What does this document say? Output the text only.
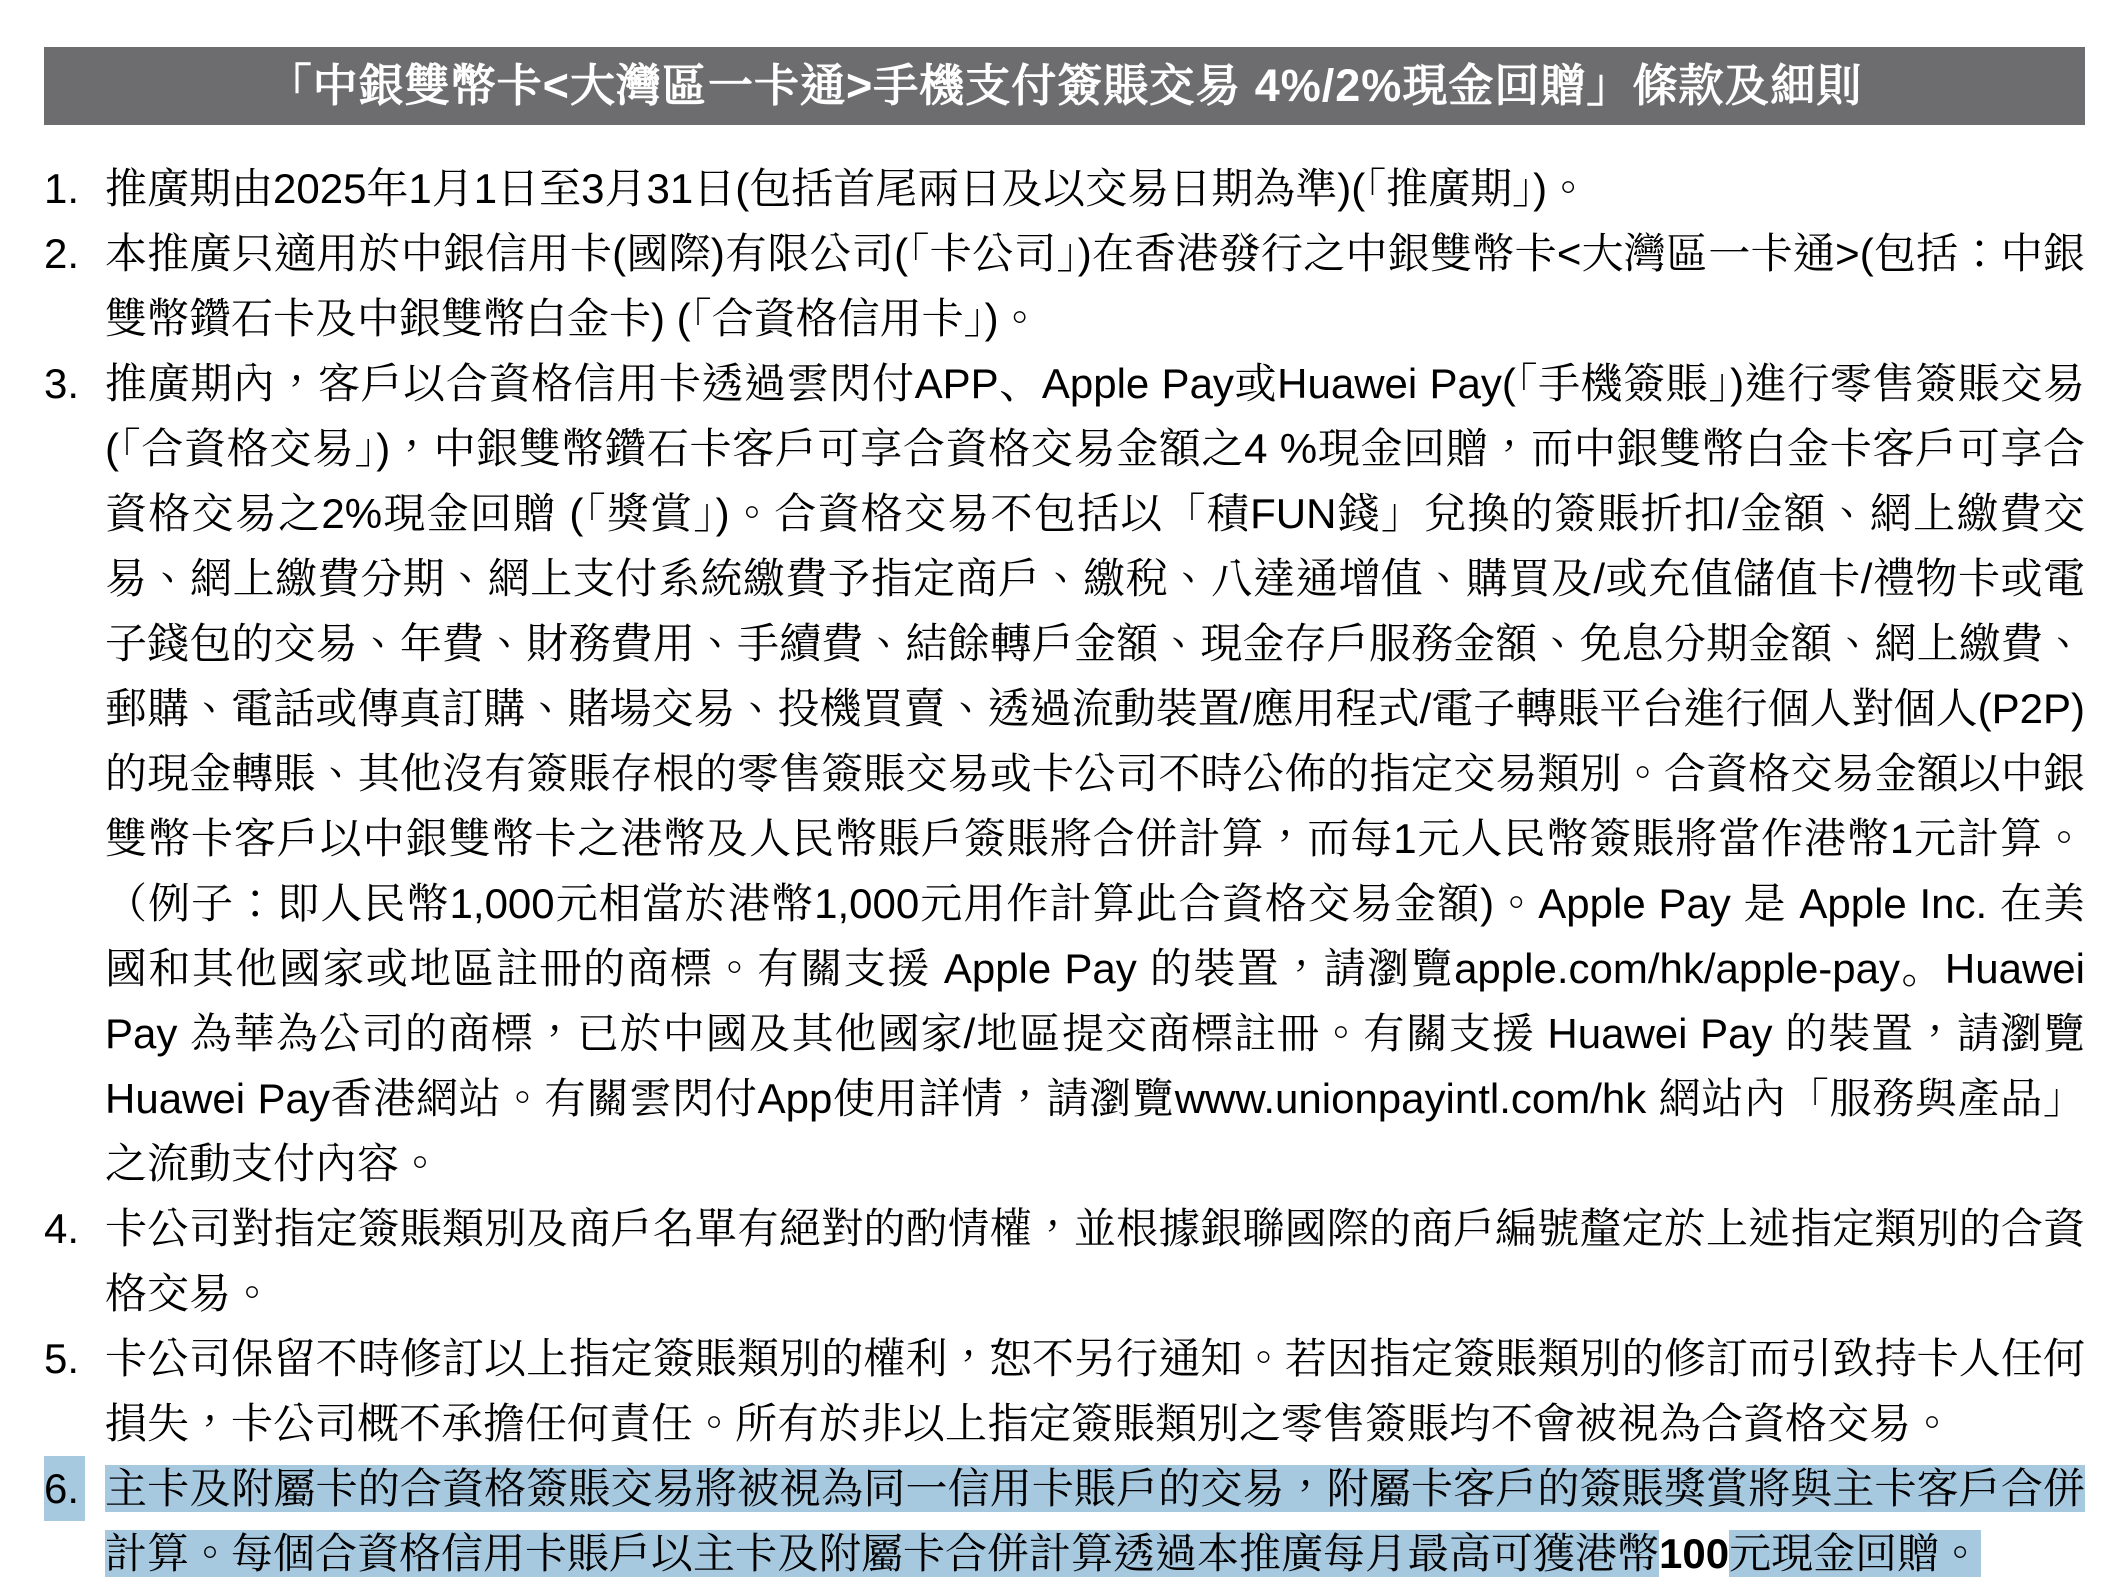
「中銀雙幣卡<大灣區一卡通>手機支付簽賬交易 4%/2%現金回贈」條款及細則
1. 推廣期由2025年1月1日至3月31日(包括首尾兩日及以交易日期為準)(「推廣期」)。
2. 本推廣只適用於中銀信用卡(國際)有限公司(「卡公司」)在香港發行之中銀雙幣卡<大灣區一卡通>(包括：中銀雙幣鑽石卡及中銀雙幣白金卡) (「合資格信用卡」)。
3. 推廣期內，客戶以合資格信用卡透過雲閃付APP、Apple Pay或Huawei Pay(「手機簽賬」)進行零售簽賬交易(「合資格交易」)，中銀雙幣鑽石卡客戶可享合資格交易金額之4 %現金回贈，而中銀雙幣白金卡客戶可享合資格交易之2%現金回贈 (「獎賞」)。合資格交易不包括以「積FUN錢」兌換的簽賬折扣/金額、網上繳費交易、網上繳費分期、網上支付系統繳費予指定商戶、繳稅、八達通增值、購買及/或充值儲值卡/禮物卡或電子錢包的交易、年費、財務費用、手續費、結餘轉戶金額、現金存戶服務金額、免息分期金額、網上繳費、郵購、電話或傳真訂購、賭場交易、投機買賣、透過流動裝置/應用程式/電子轉賬平台進行個人對個人(P2P)的現金轉賬、其他沒有簽賬存根的零售簽賬交易或卡公司不時公佈的指定交易類別。合資格交易金額以中銀雙幣卡客戶以中銀雙幣卡之港幣及人民幣賬戶簽賬將合併計算，而每1元人民幣簽賬將當作港幣1元計算。（例子：即人民幣1,000元相當於港幣1,000元用作計算此合資格交易金額)。Apple Pay 是 Apple Inc. 在美國和其他國家或地區註冊的商標。有關支援 Apple Pay 的裝置，請瀏覽apple.com/hk/apple-pay。Huawei Pay 為華為公司的商標，已於中國及其他國家/地區提交商標註冊。有關支援 Huawei Pay 的裝置，請瀏覽Huawei Pay香港網站。有關雲閃付App使用詳情，請瀏覽www.unionpayintl.com/hk 網站內「服務與產品」之流動支付內容。
4. 卡公司對指定簽賬類別及商戶名單有絕對的酌情權，並根據銀聯國際的商戶編號釐定於上述指定類別的合資格交易。
5. 卡公司保留不時修訂以上指定簽賬類別的權利，恕不另行通知。若因指定簽賬類別的修訂而引致持卡人任何損失，卡公司概不承擔任何責任。所有於非以上指定簽賬類別之零售簽賬均不會被視為合資格交易。
6. 主卡及附屬卡的合資格簽賬交易將被視為同一信用卡賬戶的交易，附屬卡客戶的簽賬獎賞將與主卡客戶合併計算。每個合資格信用卡賬戶以主卡及附屬卡合併計算透過本推廣每月最高可獲港幣100元現金回贈。
